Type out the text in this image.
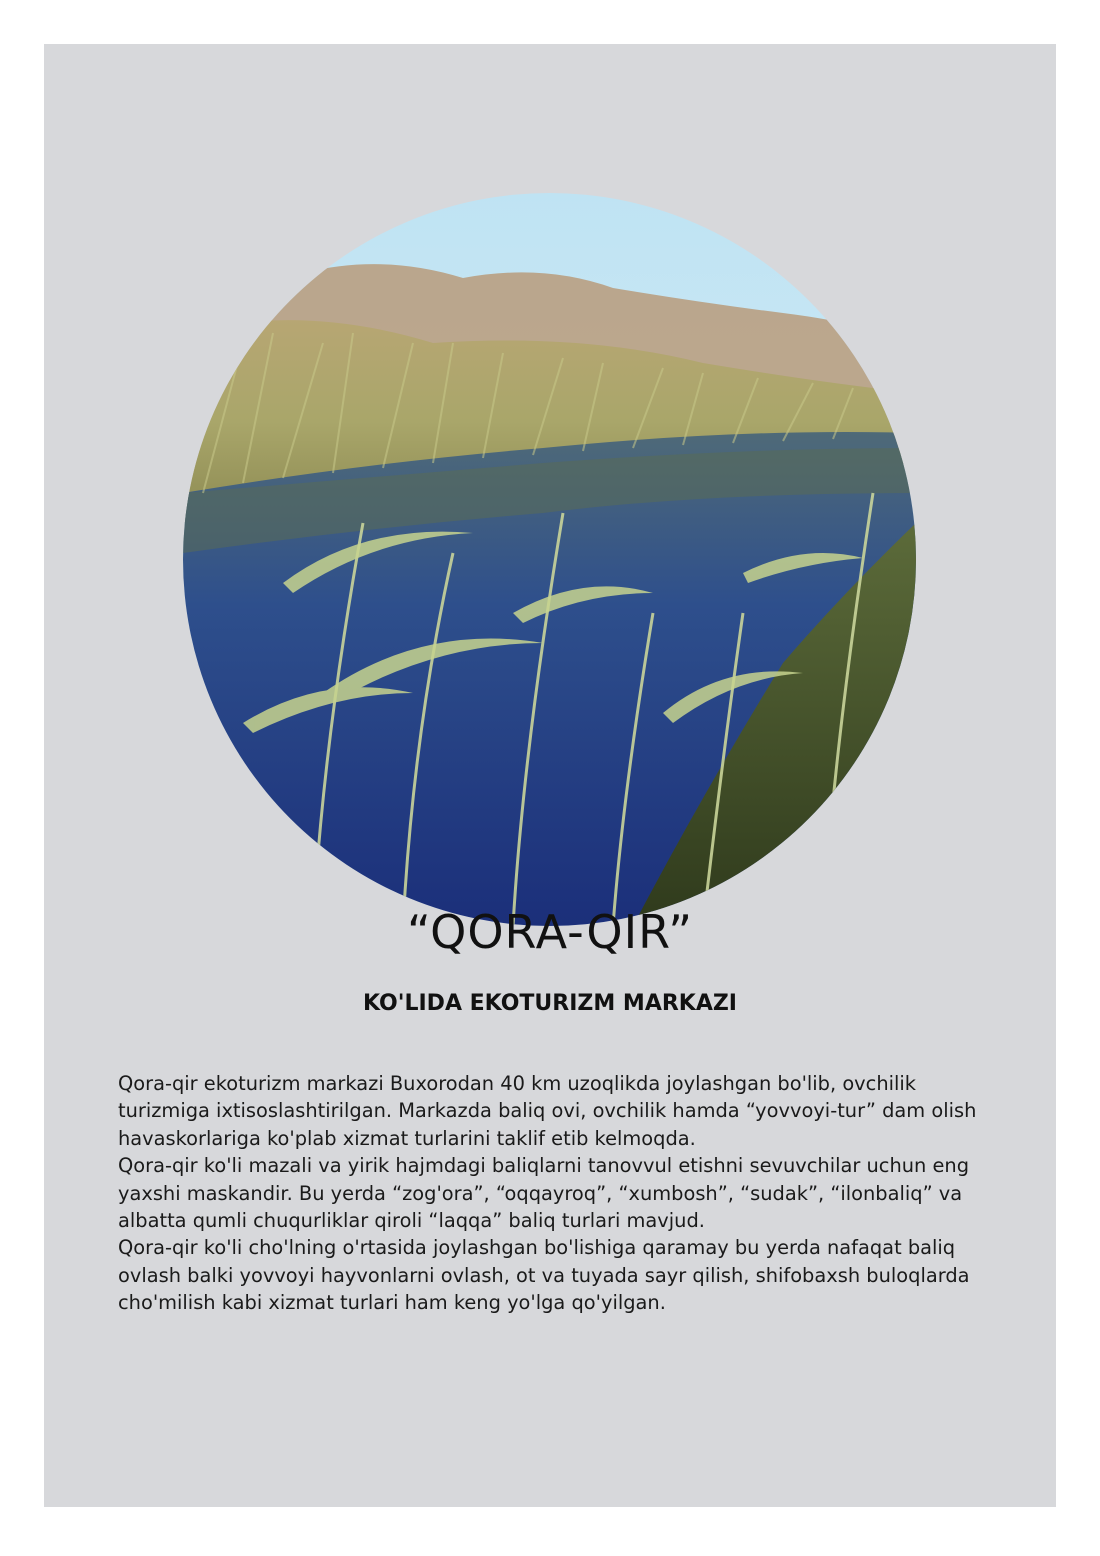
“QORA-QIR”
KO'LIDA EKOTURIZM MARKAZI

Qora-qir ekoturizm markazi Buxorodan 40 km uzoqlikda joylashgan bo'lib, ovchilik turizmiga ixtisoslashtirilgan. Markazda baliq ovi, ovchilik hamda “yovvoyi-tur” dam olish havaskorlariga ko'plab xizmat turlarini taklif etib kelmoqda.

Qora-qir ko'li mazali va yirik hajmdagi baliqlarni tanovvul etishni sevuvchilar uchun eng yaxshi maskandir. Bu yerda “zog'ora”, “oqqayroq”, “xumbosh”, “sudak”, “ilonbaliq” va albatta qumli chuqurliklar qiroli “laqqa” baliq turlari mavjud.

Qora-qir ko'li cho'lning o'rtasida joylashgan bo'lishiga qaramay bu yerda nafaqat baliq ovlash balki yovvoyi hayvonlarni ovlash, ot va tuyada sayr qilish, shifobaxsh buloqlarda cho'milish kabi xizmat turlari ham keng yo'lga qo'yilgan.
